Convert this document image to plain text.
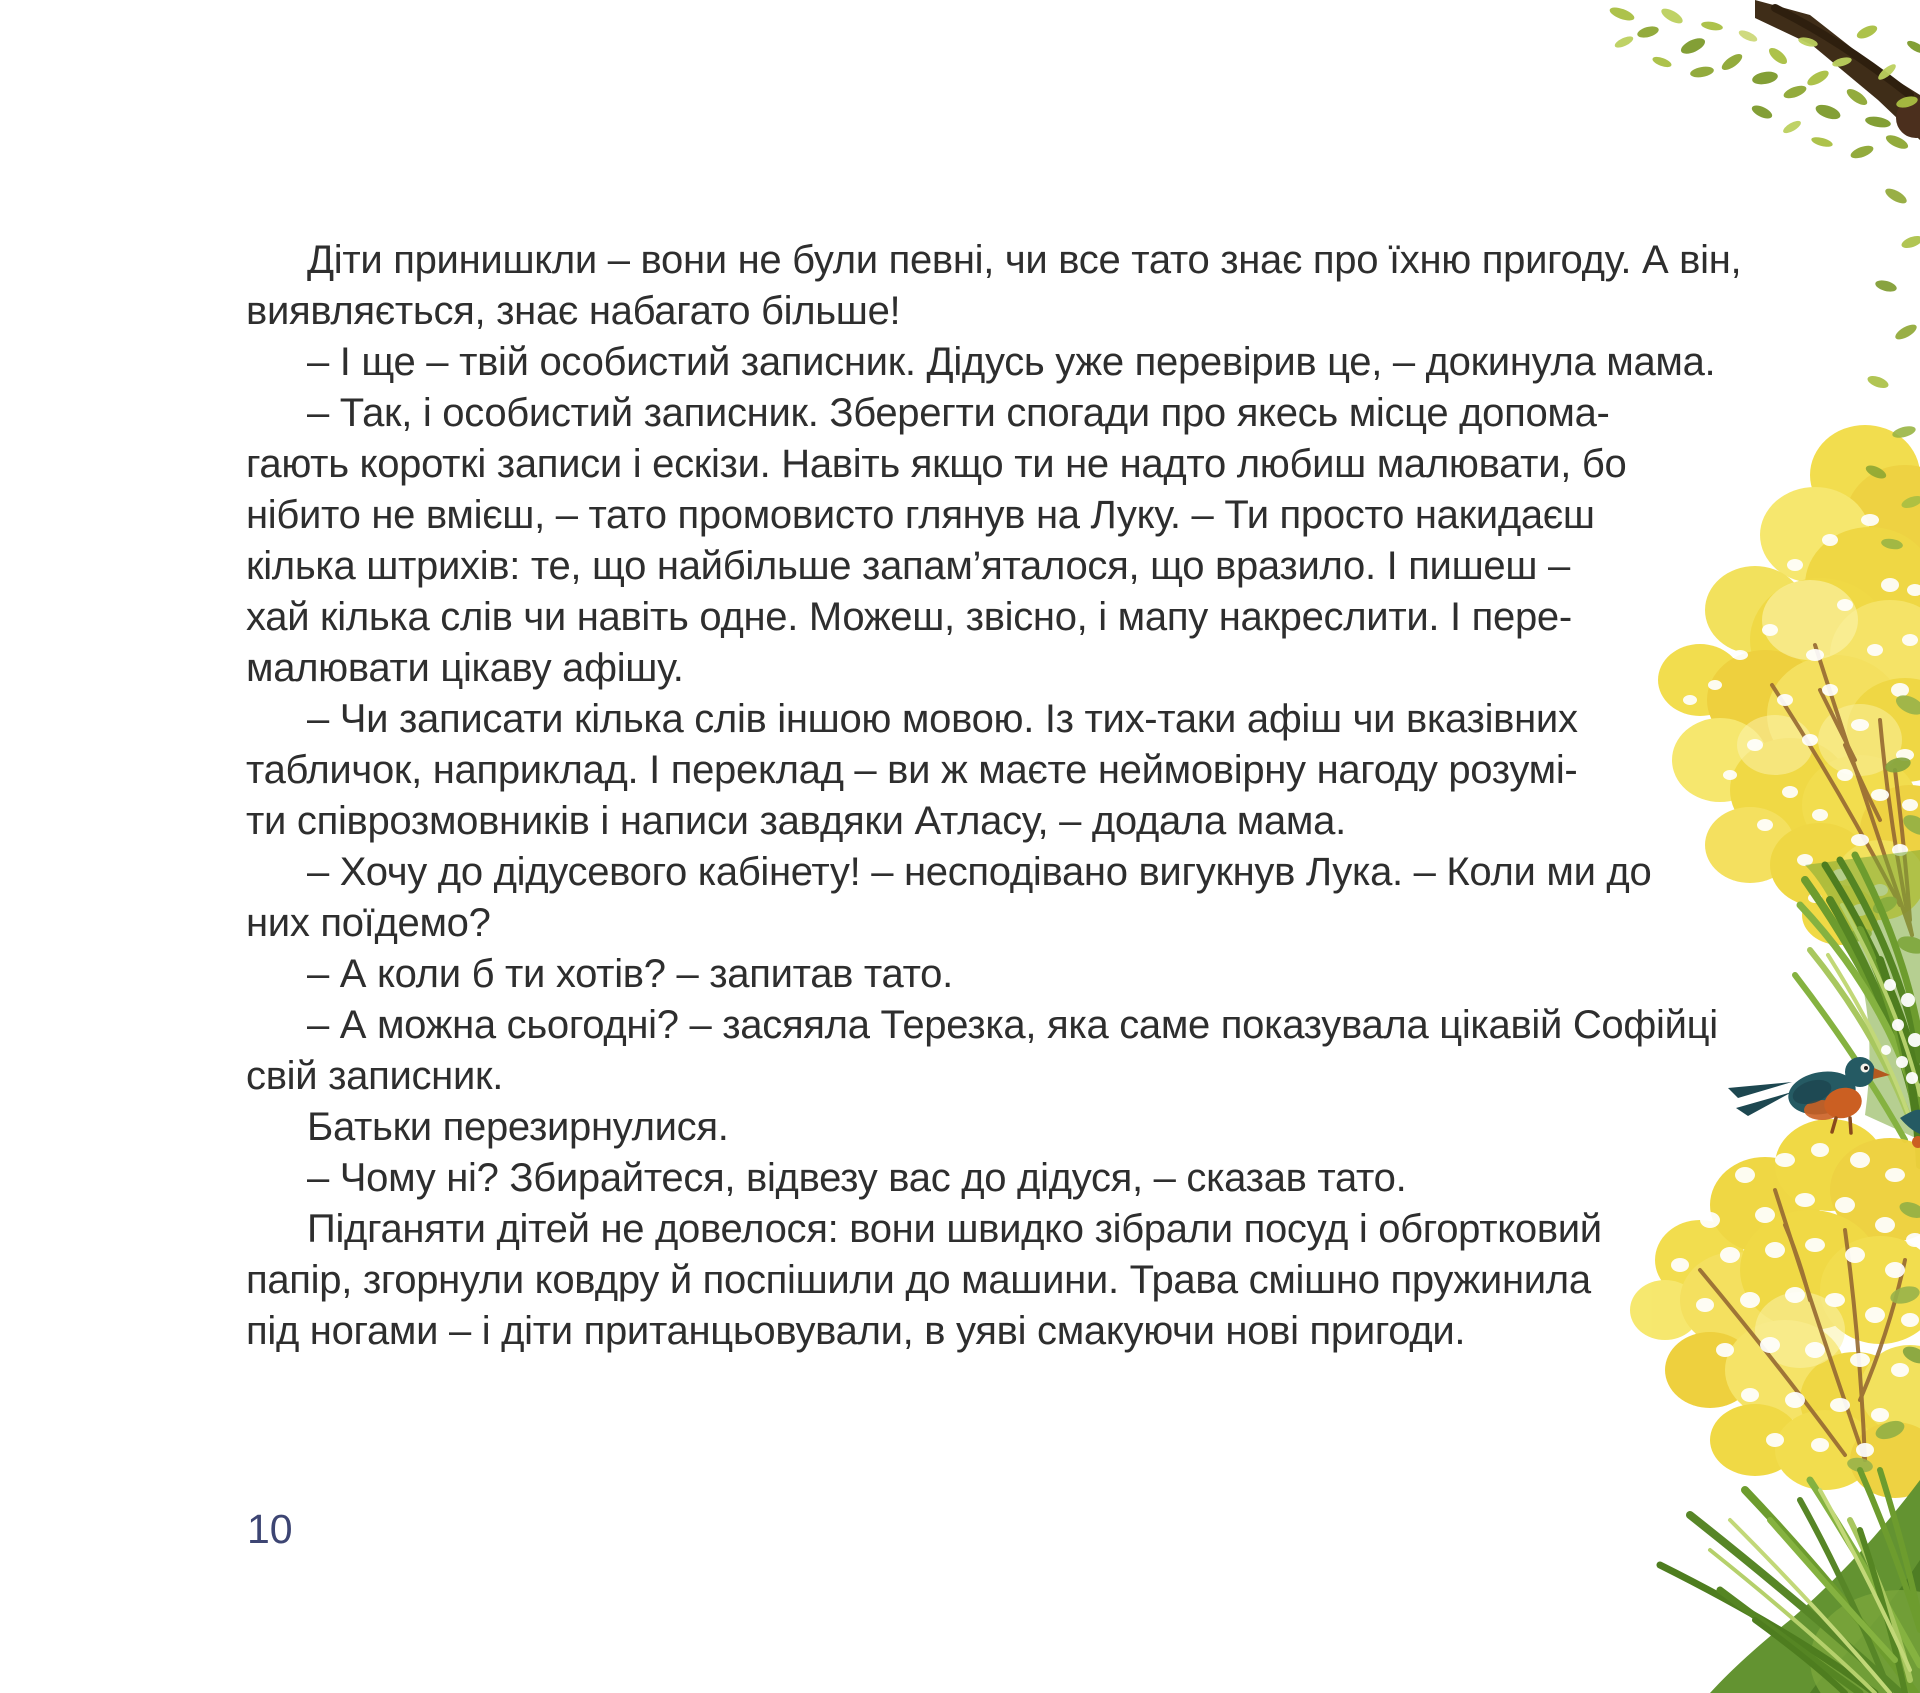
Діти принишкли – вони не були певні, чи все тато знає про їхню пригоду. А він,
виявляється, знає набагато більше!
– І ще – твій особистий записник. Дідусь уже перевірив це, – докинула мама.
– Так, і особистий записник. Зберегти спогади про якесь місце допома-
гають короткі записи і ескізи. Навіть якщо ти не надто любиш малювати, бо
нібито не вмієш, – тато промовисто глянув на Луку. – Ти просто накидаєш
кілька штрихів: те, що найбільше запам’яталося, що вразило. І пишеш –
хай кілька слів чи навіть одне. Можеш, звісно, і мапу накреслити. І пере-
малювати цікаву афішу.
– Чи записати кілька слів іншою мовою. Із тих-таки афіш чи вказівних
табличок, наприклад. І переклад – ви ж маєте неймовірну нагоду розумі-
ти співрозмовників і написи завдяки Атласу, – додала мама.
– Хочу до дідусевого кабінету! – несподівано вигукнув Лука. – Коли ми до
них поїдемо?
– А коли б ти хотів? – запитав тато.
– А можна сьогодні? – засяяла Терезка, яка саме показувала цікавій Софійці
свій записник.
Батьки перезирнулися.
– Чому ні? Збирайтеся, відвезу вас до дідуся, – сказав тато.
Підганяти дітей не довелося: вони швидко зібрали посуд і обгортковий
папір, згорнули ковдру й поспішили до машини. Трава смішно пружинила
під ногами – і діти пританцьовували, в уяві смакуючи нові пригоди.
10
